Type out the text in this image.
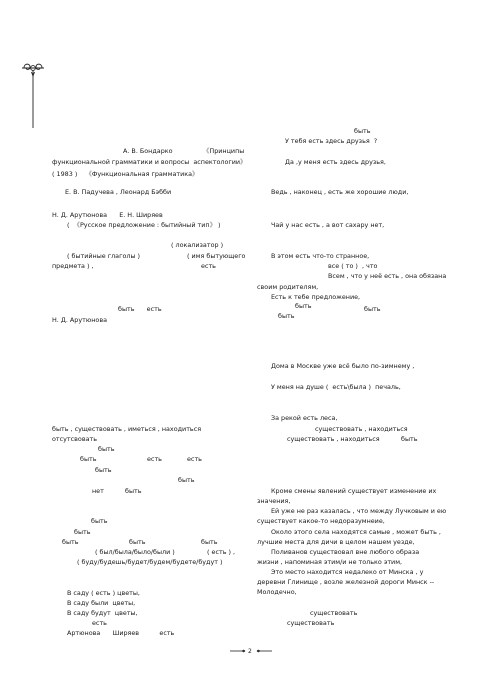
А. В. Бондарко	《Принципы
функциональной грамматики и вопросы  аспектологии》
( 1983 )    《Функциональная грамматика》
Е. В. Падучева , Леонард Бэбби
Н. Д. Арутюнова      Е. Н. Ширяев
(  《Русское предложение : бытийный тип》 )
( локализатор )
( бытийные глаголы )	( имя бытующего
предмета ) ,	есть
быть      есть
Н. Д. Арутюнова
быть , существовать , иметься , находиться
отсутсвовать
быть
быть	есть	есть
быть
быть
нет	быть
быть
быть
быть	быть	быть
( был/была/было/были )	( есть ) ,
( буду/будешь/будет/будем/будете/будут )
В саду ( есть ) цветы,
В саду были  цветы,
В саду будут  цветы,
есть
Артюнова      Ширяев          есть
быть
У тебя есть здесь друзья  ?
Да ,у меня есть здесь друзья,
Ведь , наконец , есть же хорошие люди,
Чай у нас есть , а вот сахару нет,
В этом есть что-то странное,
все ( то )  , что
Всем , что у неё есть , она обязана
своим родителям,
Есть к тебе предложение,
быть
быть
быть
Дома в Москве уже всё было по-зимнему ,
У меня на душе (  есть\была )  печаль,
За рекой есть леса,
существовать , находиться
существовать , находиться	быть
Кроме смены явлений существует изменение их
значения,
Ей уже не раз казалась , что между Лучковым и ею
существует какое-то недоразумнеие,
Около этого села находятся самые , может быть ,
лучшие места для дичи в целом нашем уезде,
Поливанов существовал вне любого образа
жизни , напоминая этим/и не только этим,
Это место находится недалеко от Минска , у
деревни Глинище , возле железной дороги Минск --
Молодечно,
существовать
существовать
2
